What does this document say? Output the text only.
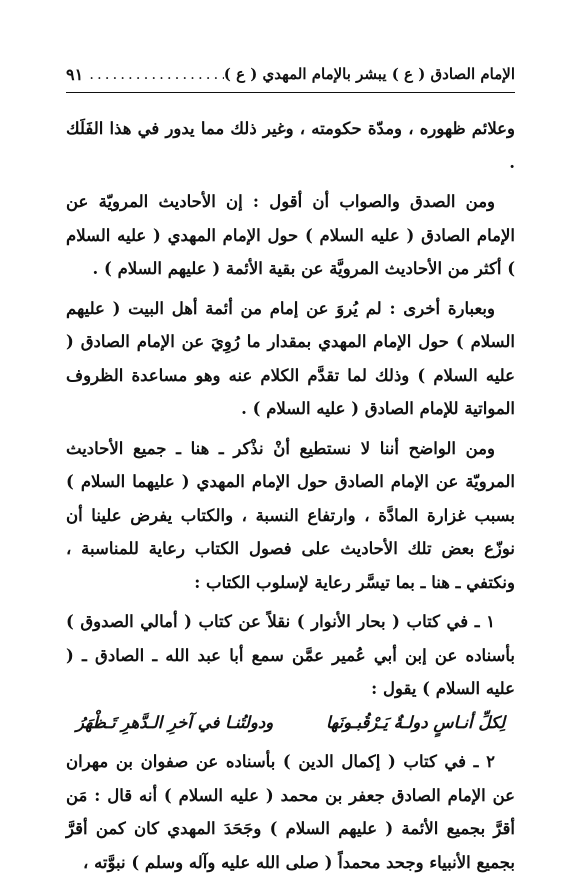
الإمام الصادق ( ع ) يبشر بالإمام المهدي ( ع )
.....
٩١

وعلائم ظهوره ، ومدّة حكومته ، وغير ذلك مما يدور في هذا الفَلَك .

ومن الصدق والصواب أن أقول : إن الأحاديث المرويّة عن الإمام الصادق ( عليه السلام ) حول الإمام المهدي ( عليه السلام ) أكثر من الأحاديث المرويَّة عن بقية الأئمة ( عليهم السلام ) .

وبعبارة أخرى : لم يُروَ عن إمام من أئمة أهل البيت ( عليهم السلام ) حول الإمام المهدي بمقدار ما رُوِيَ عن الإمام الصادق ( عليه السلام ) وذلك لما تقدَّم الكلام عنه وهو مساعدة الظروف المواتية للإمام الصادق ( عليه السلام ) .

ومن الواضح أننا لا نستطيع أنْ نذْكر ـ هنا ـ جميع الأحاديث المرويّة عن الإمام الصادق حول الإمام المهدي ( عليهما السلام ) بسبب غزارة المادَّة ، وارتفاع النسبة ، والكتاب يفرض علينا أن نوزّع بعض تلك الأحاديث على فصول الكتاب رعاية للمناسبة ، ونكتفي ـ هنا ـ بما تيسَّر رعاية لإسلوب الكتاب :

١ ـ في كتاب ( بحار الأنوار ) نقلاً عن كتاب ( أمالي الصدوق ) بأسناده عن إبن أبي عُمير عمَّن سمع أبا عبد الله ـ الصادق ـ ( عليه السلام ) يقول :

لِكلِّ أنـاسٍ دولـةٌ يَـرْقُبـونَها
ودولتُنـا في آخرِ الـدَّهرِ تَـظْهَرُ

٢ ـ في كتاب ( إكمال الدين ) بأسناده عن صفوان بن مهران عن الإمام الصادق جعفر بن محمد ( عليه السلام ) أنه قال : مَن أقرَّ بجميع الأئمة ( عليهم السلام ) وجَحَدَ المهدي كان كمن أقرَّ بجميع الأنبياء وجحد محمداً ( صلى الله عليه وآله وسلم ) نبوَّته ،
